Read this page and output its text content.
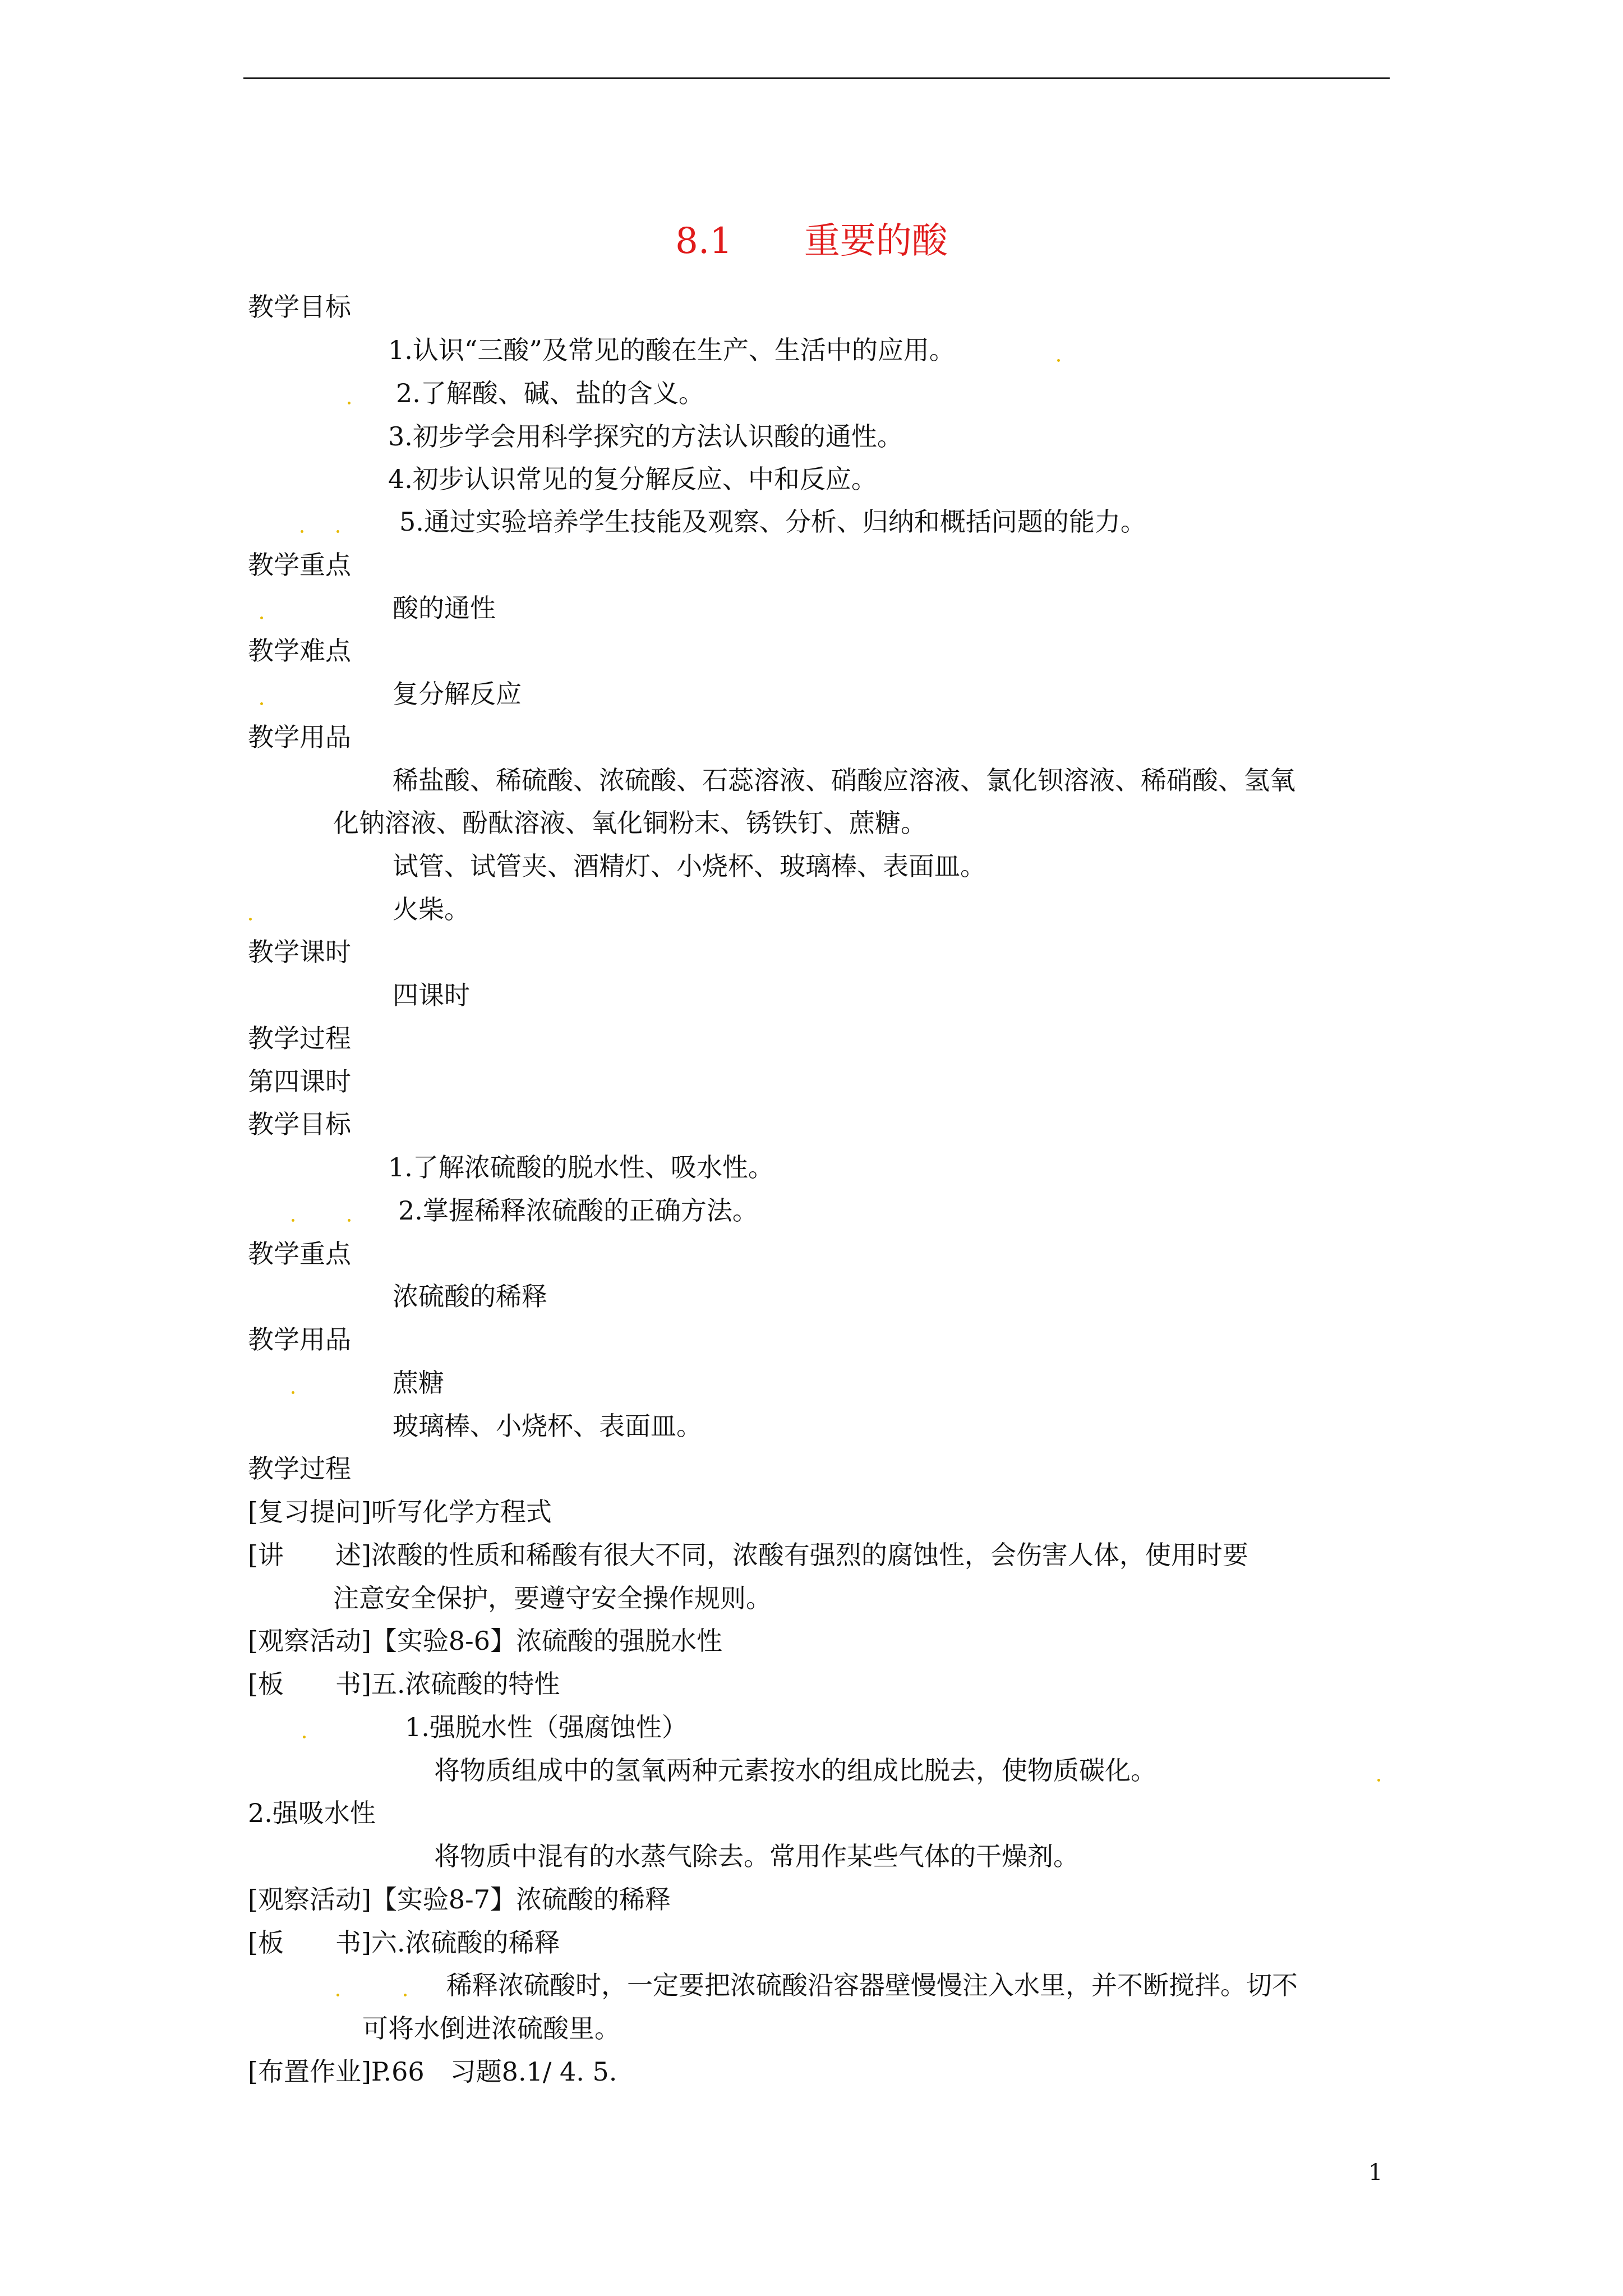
8.1　　重要的酸
教学目标
1.认识“三酸”及常见的酸在生产、生活中的应用。
2.了解酸、碱、盐的含义。
3.初步学会用科学探究的方法认识酸的通性。
4.初步认识常见的复分解反应、中和反应。
5.通过实验培养学生技能及观察、分析、归纳和概括问题的能力。
教学重点
酸的通性
教学难点
复分解反应
教学用品
稀盐酸、稀硫酸、浓硫酸、石蕊溶液、硝酸应溶液、氯化钡溶液、稀硝酸、氢氧
化钠溶液、酚酞溶液、氧化铜粉末、锈铁钉、蔗糖。
试管、试管夹、酒精灯、小烧杯、玻璃棒、表面皿。
火柴。
教学课时
四课时
教学过程
第四课时
教学目标
1.了解浓硫酸的脱水性、吸水性。
2.掌握稀释浓硫酸的正确方法。
教学重点
浓硫酸的稀释
教学用品
蔗糖
玻璃棒、小烧杯、表面皿。
教学过程
[复习提问]听写化学方程式
[讲　　述]浓酸的性质和稀酸有很大不同，浓酸有强烈的腐蚀性，会伤害人体，使用时要
注意安全保护，要遵守安全操作规则。
[观察活动]【实验8-6】浓硫酸的强脱水性
[板　　书]五.浓硫酸的特性
1.强脱水性（强腐蚀性）
将物质组成中的氢氧两种元素按水的组成比脱去，使物质碳化。
2.强吸水性
将物质中混有的水蒸气除去。常用作某些气体的干燥剂。
[观察活动]【实验8-7】浓硫酸的稀释
[板　　书]六.浓硫酸的稀释
稀释浓硫酸时，一定要把浓硫酸沿容器壁慢慢注入水里，并不断搅拌。切不
可将水倒进浓硫酸里。
[布置作业]P.66　习题8.1/ 4. 5.
1
